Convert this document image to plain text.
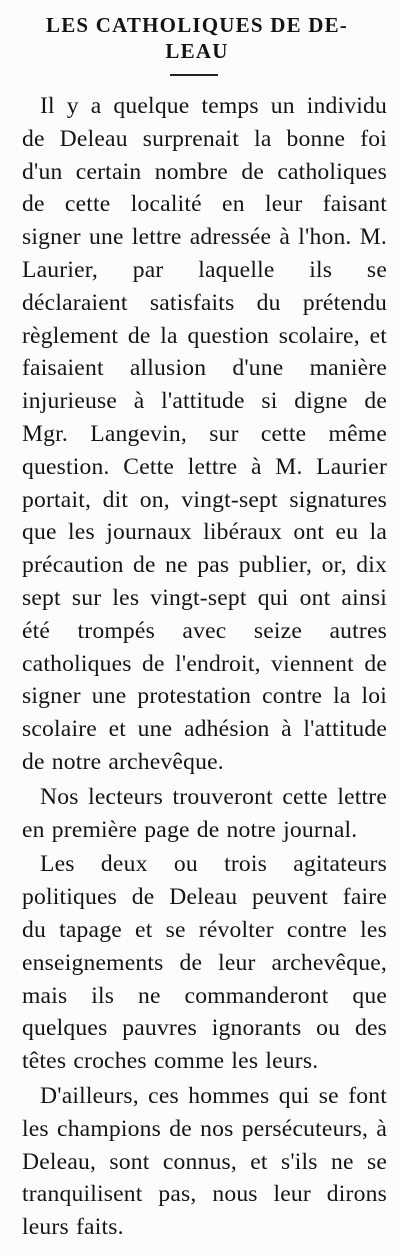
LES CATHOLIQUES DE DE-
LEAU

Il y a quelque temps un individu de Deleau surprenait la bonne foi d'un certain nombre de catholiques de cette localité en leur faisant signer une lettre adressée à l'hon. M. Laurier, par laquelle ils se déclaraient satisfaits du prétendu règlement de la question scolaire, et faisaient allusion d'une manière injurieuse à l'attitude si digne de Mgr. Langevin, sur cette même question. Cette lettre à M. Laurier portait, dit on, vingt-sept signatures que les journaux libéraux ont eu la précaution de ne pas publier, or, dix sept sur les vingt-sept qui ont ainsi été trompés avec seize autres catholiques de l'endroit, viennent de signer une protestation contre la loi scolaire et une adhésion à l'attitude de notre archevêque.

Nos lecteurs trouveront cette lettre en première page de notre journal.

Les deux ou trois agitateurs politiques de Deleau peuvent faire du tapage et se révolter contre les enseignements de leur archevêque, mais ils ne commanderont que quelques pauvres ignorants ou des têtes croches comme les leurs.

D'ailleurs, ces hommes qui se font les champions de nos persécuteurs, à Deleau, sont connus, et s'ils ne se tranquilisent pas, nous leur dirons leurs faits.
